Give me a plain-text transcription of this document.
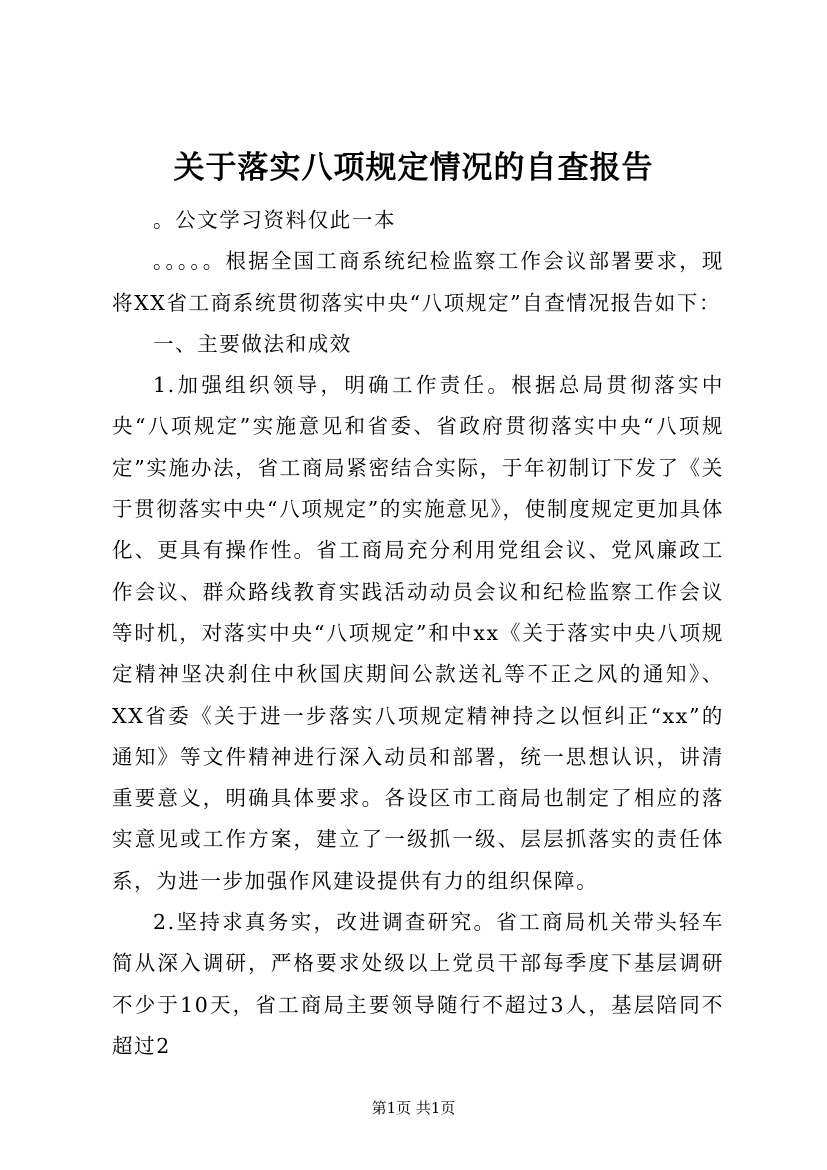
关于落实八项规定情况的自查报告

。公文学习资料仅此一本

。。。。。根据全国工商系统纪检监察工作会议部署要求，现将XX省工商系统贯彻落实中央“八项规定”自查情况报告如下：

一、主要做法和成效

1.加强组织领导，明确工作责任。根据总局贯彻落实中央“八项规定”实施意见和省委、省政府贯彻落实中央“八项规定”实施办法，省工商局紧密结合实际，于年初制订下发了《关于贯彻落实中央“八项规定”的实施意见》，使制度规定更加具体化、更具有操作性。省工商局充分利用党组会议、党风廉政工作会议、群众路线教育实践活动动员会议和纪检监察工作会议等时机，对落实中央“八项规定”和中xx《关于落实中央八项规定精神坚决刹住中秋国庆期间公款送礼等不正之风的通知》、XX省委《关于进一步落实八项规定精神持之以恒纠正“xx”的通知》等文件精神进行深入动员和部署，统一思想认识，讲清重要意义，明确具体要求。各设区市工商局也制定了相应的落实意见或工作方案，建立了一级抓一级、层层抓落实的责任体系，为进一步加强作风建设提供有力的组织保障。

2.坚持求真务实，改进调查研究。省工商局机关带头轻车简从深入调研，严格要求处级以上党员干部每季度下基层调研不少于10天，省工商局主要领导随行不超过3人，基层陪同不超过2

第1页 共1页
